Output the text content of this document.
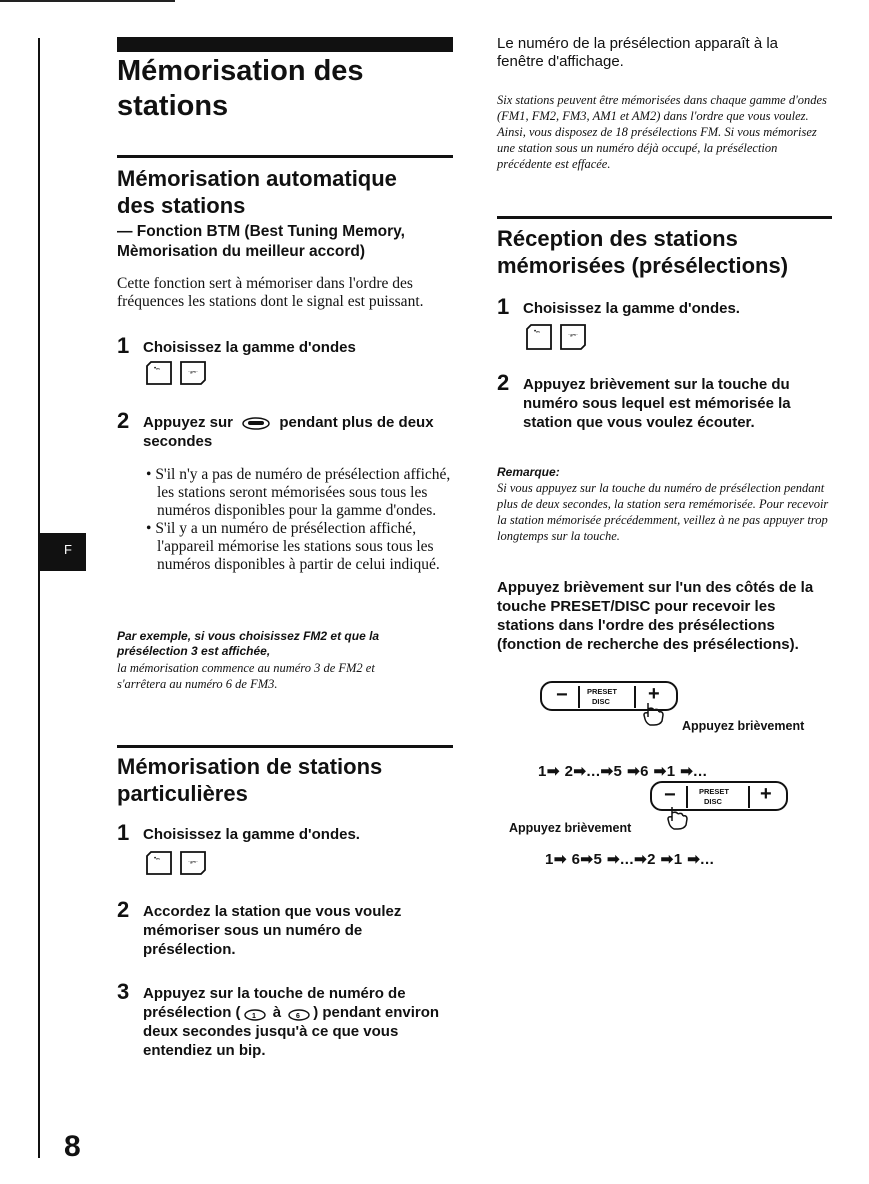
F
8
Mémorisation des stations
Mémorisation automatique des stations

— Fonction BTM (Best Tuning Memory, Mèmorisation du meilleur accord)

Cette fonction sert à mémoriser dans l'ordre des fréquences les stations dont le signal est puissant.

1 Choisissez la gamme d'ondes
•ₘ	·ₐₘ·
2 Appuyez sur	pendant plus de deux secondes
• S'il n'y a pas de numéro de présélection affiché, les stations seront mémorisées sous tous les numéros disponibles pour la gamme d'ondes.
• S'il y a un numéro de présélection affiché, l'appareil mémorise les stations sous tous les numéros disponibles à partir de celui indiqué.

Par exemple, si vous choisissez FM2 et que la présélection 3 est affichée,

la mémorisation commence au numéro 3 de FM2 et s'arrêtera au numéro 6 de FM3.

Mémorisation de stations particulières
1 Choisissez la gamme d'ondes.
•ₘ	·ₐₘ·
2 Accordez la station que vous voulez mémoriser sous un numéro de présélection.
3 Appuyez sur la touche de numéro de présélection ( 1 à 6 ) pendant environ deux secondes jusqu'à ce que vous entendiez un bip.

Le numéro de la présélection apparaît à la fenêtre d'affichage.

Six stations peuvent être mémorisées dans chaque gamme d'ondes (FM1, FM2, FM3, AM1 et AM2) dans l'ordre que vous voulez. Ainsi, vous disposez de 18 présélections FM. Si vous mémorisez une station sous un numéro déjà occupé, la présélection précédente est effacée.

Réception des stations mémorisées (présélections)
1 Choisissez la gamme d'ondes.
•ₘ	·ₐₘ·
2 Appuyez brièvement sur la touche du numéro sous lequel est mémorisée la station que vous voulez écouter.

Remarque:

Si vous appuyez sur la touche du numéro de présélection pendant plus de deux secondes, la station sera remémorisée. Pour recevoir la station mémorisée précédemment, veillez à ne pas appuyer trop longtemps sur la touche.

Appuyez brièvement sur l'un des côtés de la touche PRESET/DISC pour recevoir les stations dans l'ordre des présélections (fonction de recherche des présélections).

−	PRESET
DISC +
Appuyez brièvement
1➡ 2➡...➡5 ➡6 ➡1 ➡...
−	PRESET
DISC +
Appuyez brièvement
1➡ 6➡5 ➡...➡2 ➡1 ➡...
